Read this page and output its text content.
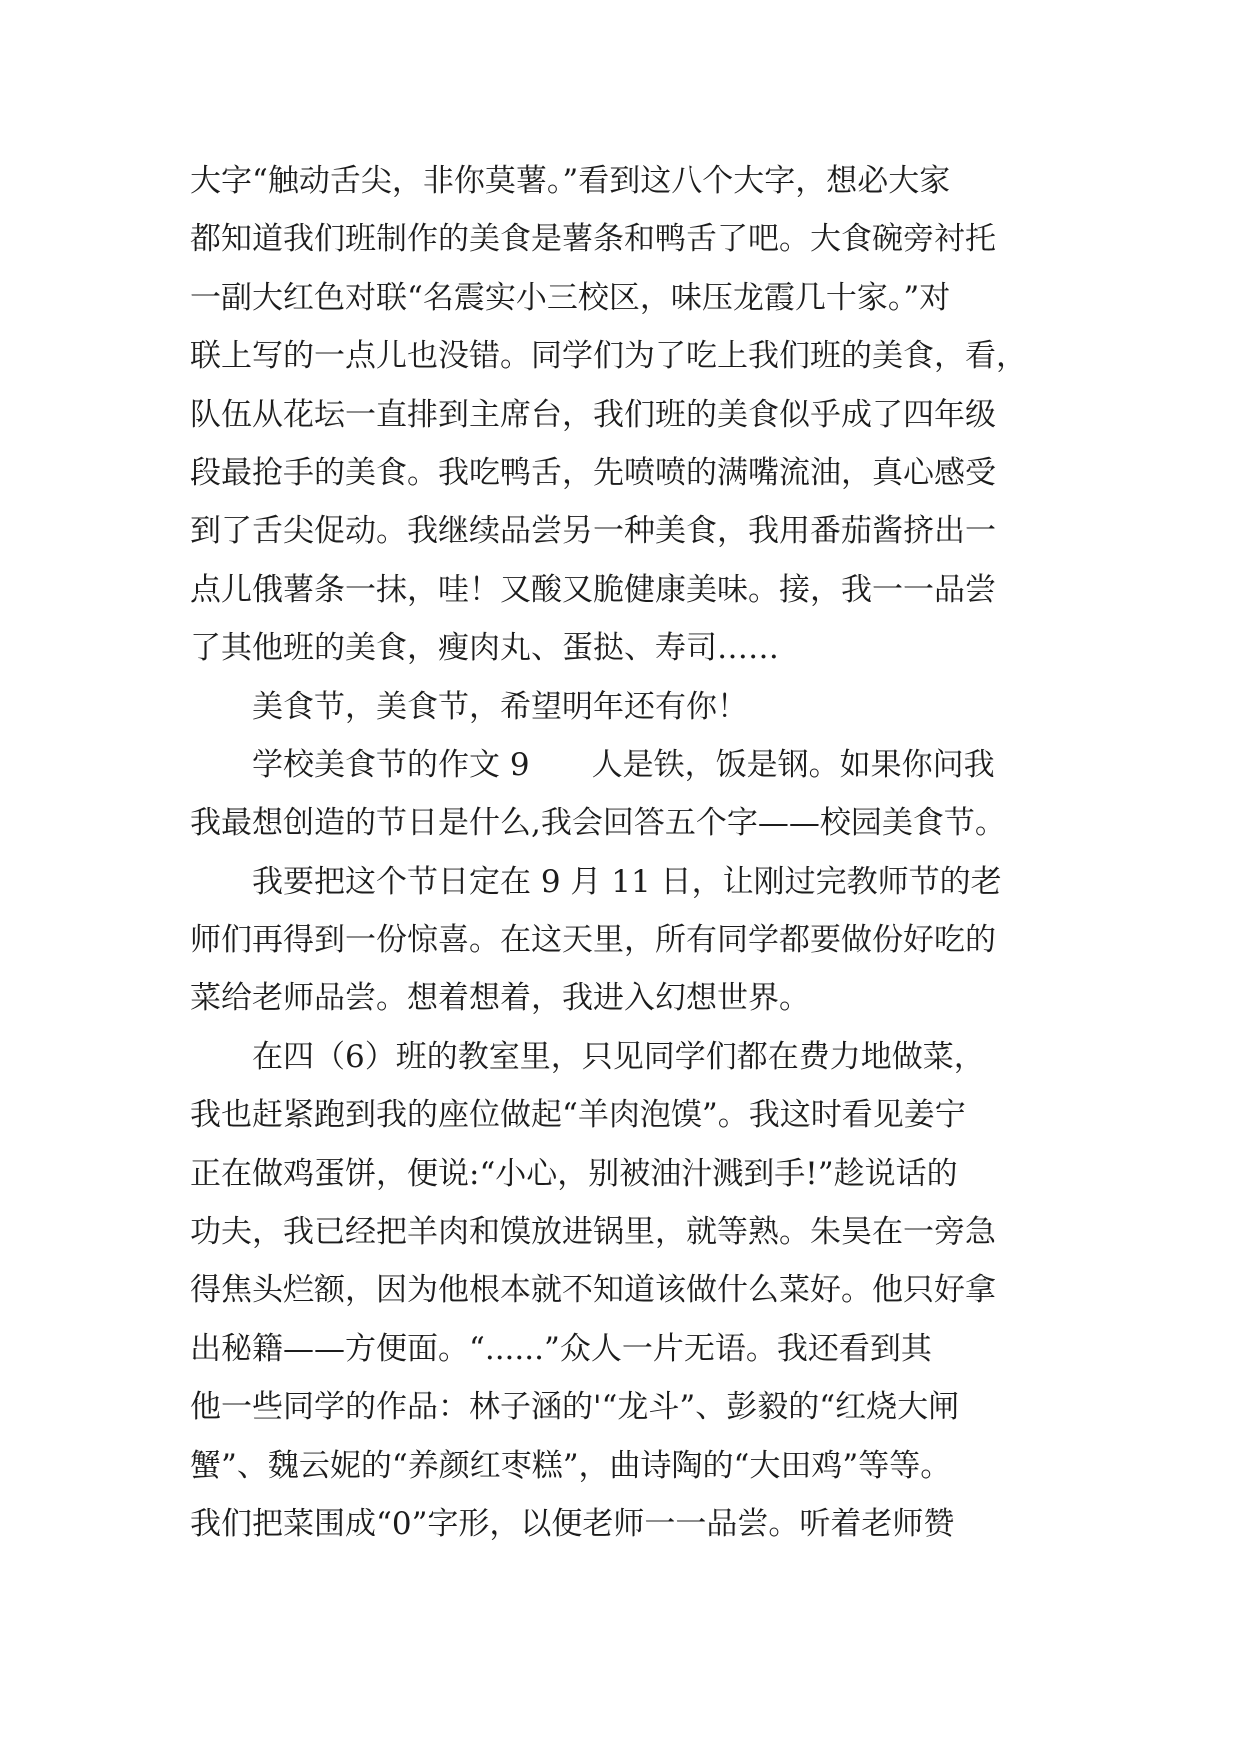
大字“触动舌尖，非你莫薯。”看到这八个大字，想必大家
都知道我们班制作的美食是薯条和鸭舌了吧。大食碗旁衬托
一副大红色对联“名震实小三校区，味压龙霞几十家。”对
联上写的一点儿也没错。同学们为了吃上我们班的美食，看，
队伍从花坛一直排到主席台，我们班的美食似乎成了四年级
段最抢手的美食。我吃鸭舌，先喷喷的满嘴流油，真心感受
到了舌尖促动。我继续品尝另一种美食，我用番茄酱挤出一
点儿俄薯条一抹，哇！又酸又脆健康美味。接，我一一品尝
了其他班的美食，瘦肉丸、蛋挞、寿司……
美食节，美食节，希望明年还有你！
学校美食节的作文 9　　人是铁，饭是钢。如果你问我
我最想创造的节日是什么,我会回答五个字——校园美食节。
我要把这个节日定在 9 月 11 日，让刚过完教师节的老
师们再得到一份惊喜。在这天里，所有同学都要做份好吃的
菜给老师品尝。想着想着，我进入幻想世界。
在四（6）班的教室里，只见同学们都在费力地做菜，
我也赶紧跑到我的座位做起“羊肉泡馍”。我这时看见姜宁
正在做鸡蛋饼，便说:“小心，别被油汁溅到手!”趁说话的
功夫，我已经把羊肉和馍放进锅里，就等熟。朱昊在一旁急
得焦头烂额，因为他根本就不知道该做什么菜好。他只好拿
出秘籍——方便面。“......”众人一片无语。我还看到其
他一些同学的作品：林子涵的'“龙斗”、彭毅的“红烧大闸
蟹”、魏云妮的“养颜红枣糕”，曲诗陶的“大田鸡”等等。
我们把菜围成“0”字形，以便老师一一品尝。听着老师赞
